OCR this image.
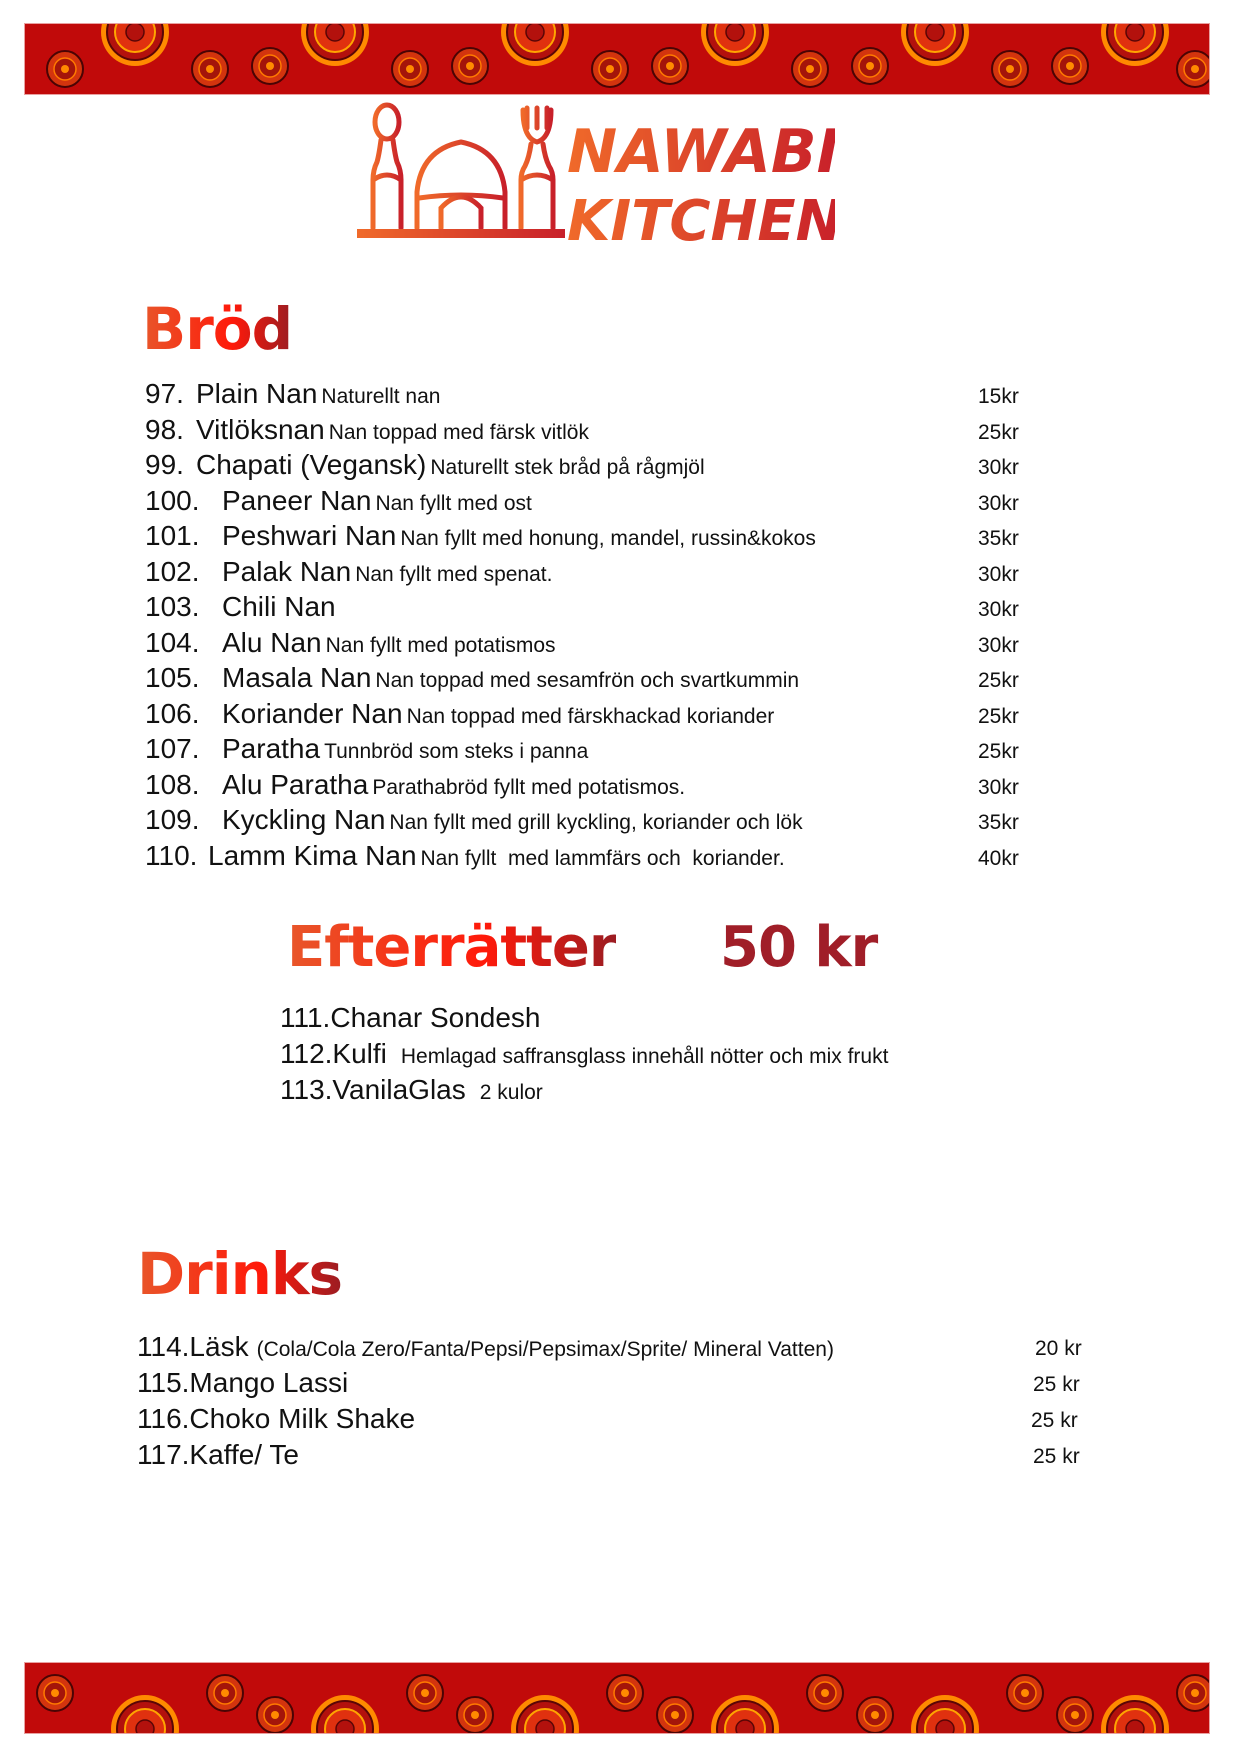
NAWABI
KITCHEN
Bröd
97. Plain Nan Naturellt nan	15kr
98. Vitlöksnan Nan toppad med färsk vitlök	25kr
99. Chapati (Vegansk) Naturellt stek bråd på rågmjöl	30kr
100. Paneer Nan Nan fyllt med ost	30kr
101. Peshwari Nan Nan fyllt med honung, mandel, russin&kokos	35kr
102. Palak Nan Nan fyllt med spenat.	30kr
103. Chili Nan	30kr
104. Alu Nan Nan fyllt med potatismos	30kr
105. Masala Nan Nan toppad med sesamfrön och svartkummin	25kr
106. Koriander Nan Nan toppad med färskhackad koriander	25kr
107. Paratha Tunnbröd som steks i panna	25kr
108. Alu Paratha Parathabröd fyllt med potatismos.	30kr
109. Kyckling Nan Nan fyllt med grill kyckling, koriander och lök	35kr
110. Lamm Kima Nan Nan fyllt  med lammfärs och  koriander.	40kr
Efterrätter 50 kr
111.Chanar Sondesh
112.Kulfi Hemlagad saffransglass innehåll nötter och mix frukt
113.VanilaGlas 2 kulor
Drinks
114.Läsk (Cola/Cola Zero/Fanta/Pepsi/Pepsimax/Sprite/ Mineral Vatten)	20 kr
115.Mango Lassi	25 kr
116.Choko Milk Shake	25 kr
117.Kaffe/ Te	25 kr
